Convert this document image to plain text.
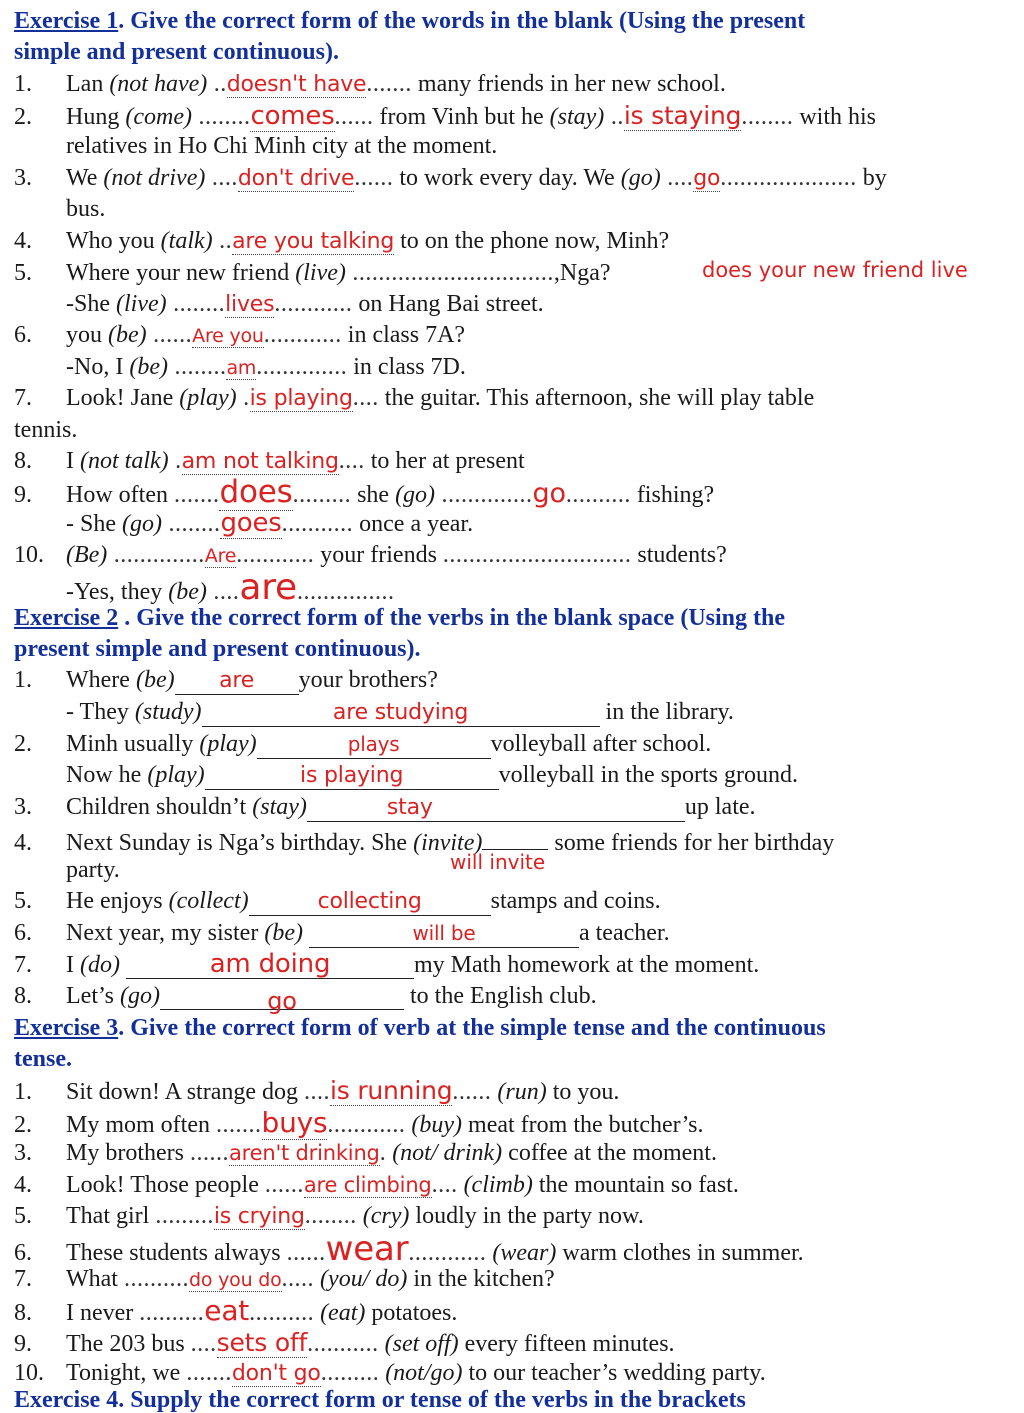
Exercise 1. Give the correct form of the words in the blank (Using the present
simple and present continuous).
1. Lan (not have) ..doesn't have....... many friends in her new school.
2. Hung (come) ........comes...... from Vinh but he (stay) ..is staying........ with his
relatives in Ho Chi Minh city at the moment.
3. We (not drive) ....don't drive...... to work every day. We (go) ....go..................... by
bus.
4. Who you (talk) ..are you talking to on the phone now, Minh?
5. Where your new friend (live) ...............................,Nga?	does your new friend live
-She (live) ........lives............ on Hang Bai street.
6. you (be) ......Are you............ in class 7A?
-No, I (be) ........am.............. in class 7D.
7. Look! Jane (play) .is playing.... the guitar. This afternoon, she will play table
tennis.
8. I (not talk) .am not talking.... to her at present
9. How often .......does......... she (go) ..............go.......... fishing?
- She (go) ........goes........... once a year.
10. (Be) ..............Are............ your friends ............................. students?
-Yes, they (be) ....are...............
Exercise 2 . Give the correct form of the verbs in the blank space (Using the
present simple and present continuous).
1. Where (be) are your brothers?
- They (study)	are studying	in the library.
2. Minh usually (play)	plays	volleyball after school.
Now he (play)	is playing	volleyball in the sports ground.
3. Children shouldn’t (stay)	stay	up late.
4. Next Sunday is Nga’s birthday. She (invite)	some friends for her birthday
will invite
party.
5. He enjoys (collect)	collecting	stamps and coins.
6. Next year, my sister (be)	will be	a teacher.
7. I (do)	am doing	my Math homework at the moment.
8. Let’s (go)	go	to the English club.
Exercise 3. Give the correct form of verb at the simple tense and the continuous
tense.
1. Sit down! A strange dog ....is running...... (run) to you.
2. My mom often .......buys............ (buy) meat from the butcher’s.
3. My brothers ......aren't drinking. (not/ drink) coffee at the moment.
4. Look! Those people ......are climbing.... (climb) the mountain so fast.
5. That girl .........is crying........ (cry) loudly in the party now.
6. These students always ......wear............ (wear) warm clothes in summer.
7. What ..........do you do..... (you/ do) in the kitchen?
8. I never ..........eat.......... (eat) potatoes.
9. The 203 bus ....sets off........... (set off) every fifteen minutes.
10. Tonight, we .......don't go......... (not/go) to our teacher’s wedding party.
Exercise 4. Supply the correct form or tense of the verbs in the brackets
